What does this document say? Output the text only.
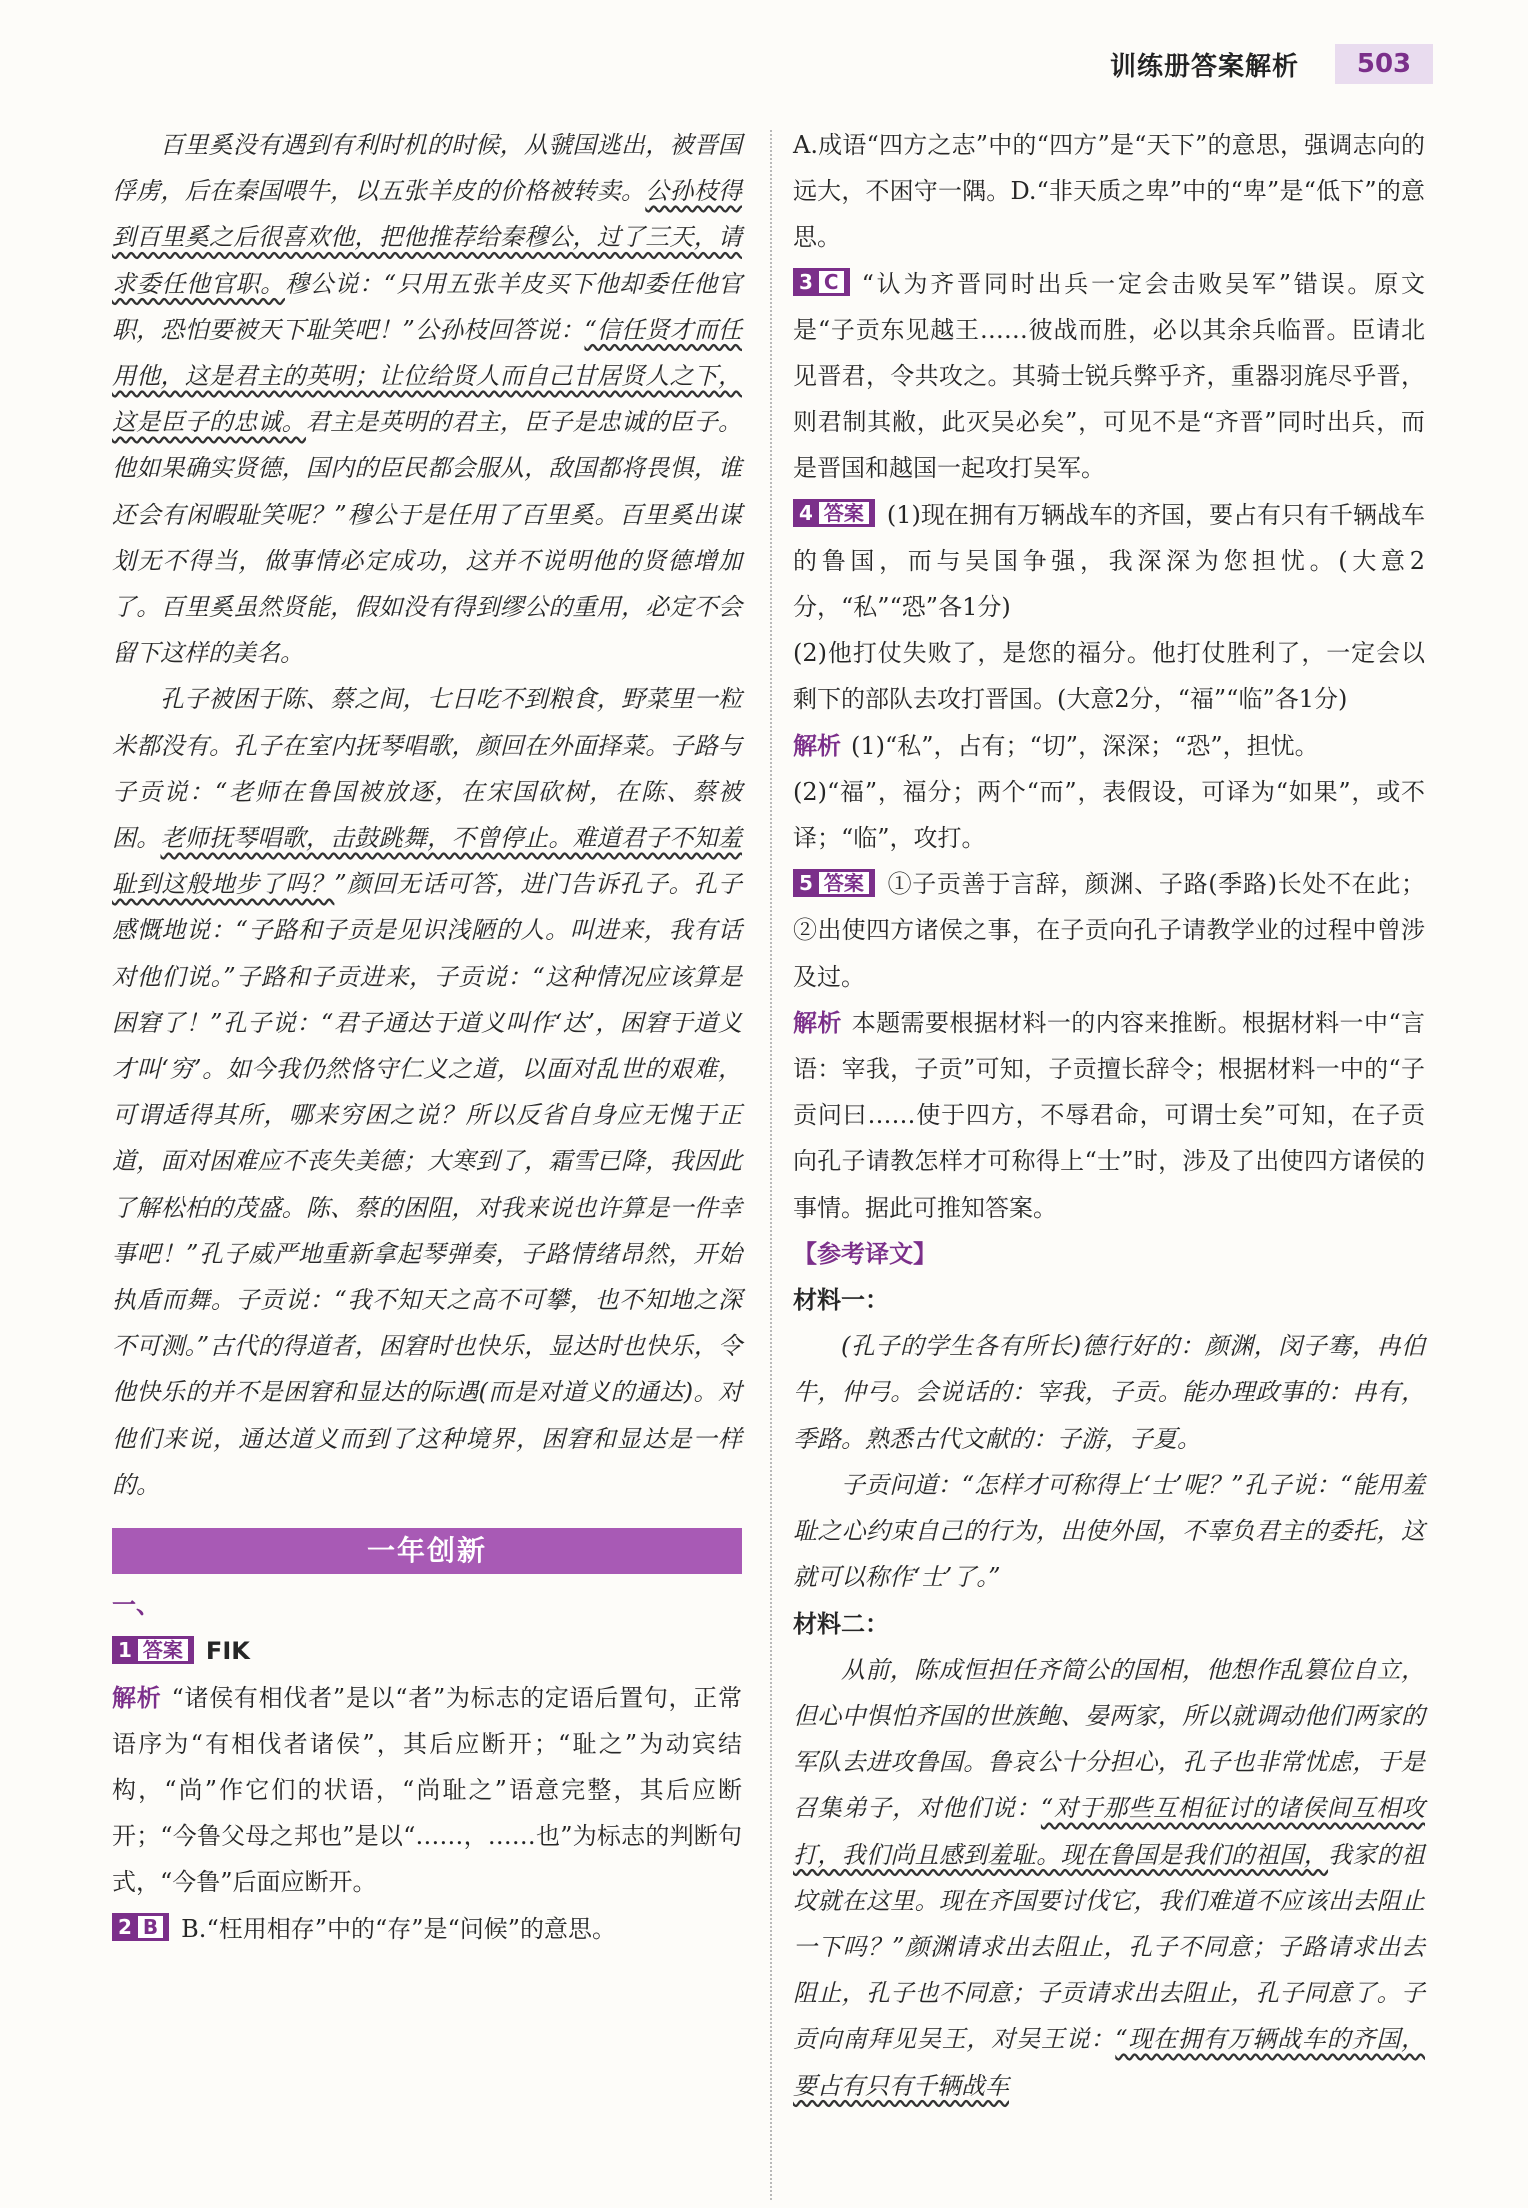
训练册答案解析	503

百里奚没有遇到有利时机的时候，从虢国逃出，被晋国俘虏，后在秦国喂牛，以五张羊皮的价格被转卖。公孙枝得到百里奚之后很喜欢他，把他推荐给秦穆公，过了三天，请求委任他官职。穆公说：“只用五张羊皮买下他却委任他官职，恐怕要被天下耻笑吧！”公孙枝回答说：“信任贤才而任用他，这是君主的英明；让位给贤人而自己甘居贤人之下，这是臣子的忠诚。君主是英明的君主，臣子是忠诚的臣子。他如果确实贤德，国内的臣民都会服从，敌国都将畏惧，谁还会有闲暇耻笑呢？”穆公于是任用了百里奚。百里奚出谋划无不得当，做事情必定成功，这并不说明他的贤德增加了。百里奚虽然贤能，假如没有得到缪公的重用，必定不会留下这样的美名。

孔子被困于陈、蔡之间，七日吃不到粮食，野菜里一粒米都没有。孔子在室内抚琴唱歌，颜回在外面择菜。子路与子贡说：“老师在鲁国被放逐，在宋国砍树，在陈、蔡被困。老师抚琴唱歌，击鼓跳舞，不曾停止。难道君子不知羞耻到这般地步了吗？”颜回无话可答，进门告诉孔子。孔子感慨地说：“子路和子贡是见识浅陋的人。叫进来，我有话对他们说。”子路和子贡进来，子贡说：“这种情况应该算是困窘了！”孔子说：“君子通达于道义叫作‘达’，困窘于道义才叫‘穷’。如今我仍然恪守仁义之道，以面对乱世的艰难，可谓适得其所，哪来穷困之说？所以反省自身应无愧于正道，面对困难应不丧失美德；大寒到了，霜雪已降，我因此了解松柏的茂盛。陈、蔡的困阻，对我来说也许算是一件幸事吧！”孔子威严地重新拿起琴弹奏，子路情绪昂然，开始执盾而舞。子贡说：“我不知天之高不可攀，也不知地之深不可测。”古代的得道者，困窘时也快乐，显达时也快乐，令他快乐的并不是困窘和显达的际遇(而是对道义的通达)。对他们来说，通达道义而到了这种境界，困窘和显达是一样的。

一年创新

一、

1 答案 FIK

解析 “诸侯有相伐者”是以“者”为标志的定语后置句，正常语序为“有相伐者诸侯”，其后应断开；“耻之”为动宾结构，“尚”作它们的状语，“尚耻之”语意完整，其后应断开；“今鲁父母之邦也”是以“……，……也”为标志的判断句式，“今鲁”后面应断开。

2 B B.“枉用相存”中的“存”是“问候”的意思。

A.成语“四方之志”中的“四方”是“天下”的意思，强调志向的远大，不困守一隅。D.“非天质之卑”中的“卑”是“低下”的意思。

3 C “认为齐晋同时出兵一定会击败吴军”错误。原文是“子贡东见越王……彼战而胜，必以其余兵临晋。臣请北见晋君，令共攻之。其骑士锐兵弊乎齐，重器羽旄尽乎晋，则君制其敝，此灭吴必矣”，可见不是“齐晋”同时出兵，而是晋国和越国一起攻打吴军。

4 答案 (1)现在拥有万辆战车的齐国，要占有只有千辆战车的鲁国，而与吴国争强，我深深为您担忧。(大意2分，“私”“恐”各1分)

(2)他打仗失败了，是您的福分。他打仗胜利了，一定会以剩下的部队去攻打晋国。(大意2分，“福”“临”各1分)

解析 (1)“私”，占有；“切”，深深；“恐”，担忧。

(2)“福”，福分；两个“而”，表假设，可译为“如果”，或不译；“临”，攻打。

5 答案 ①子贡善于言辞，颜渊、子路(季路)长处不在此；②出使四方诸侯之事，在子贡向孔子请教学业的过程中曾涉及过。

解析 本题需要根据材料一的内容来推断。根据材料一中“言语：宰我，子贡”可知，子贡擅长辞令；根据材料一中的“子贡问曰……使于四方，不辱君命，可谓士矣”可知，在子贡向孔子请教怎样才可称得上“士”时，涉及了出使四方诸侯的事情。据此可推知答案。

【参考译文】

材料一：

(孔子的学生各有所长)德行好的：颜渊，闵子骞，冉伯牛，仲弓。会说话的：宰我，子贡。能办理政事的：冉有，季路。熟悉古代文献的：子游，子夏。

子贡问道：“怎样才可称得上‘士’呢？”孔子说：“能用羞耻之心约束自己的行为，出使外国，不辜负君主的委托，这就可以称作‘士’了。”

材料二：

从前，陈成恒担任齐简公的国相，他想作乱篡位自立，但心中惧怕齐国的世族鲍、晏两家，所以就调动他们两家的军队去进攻鲁国。鲁哀公十分担心，孔子也非常忧虑，于是召集弟子，对他们说：“对于那些互相征讨的诸侯间互相攻打，我们尚且感到羞耻。现在鲁国是我们的祖国，我家的祖坟就在这里。现在齐国要讨伐它，我们难道不应该出去阻止一下吗？”颜渊请求出去阻止，孔子不同意；子路请求出去阻止，孔子也不同意；子贡请求出去阻止，孔子同意了。子贡向南拜见吴王，对吴王说：“现在拥有万辆战车的齐国，要占有只有千辆战车
